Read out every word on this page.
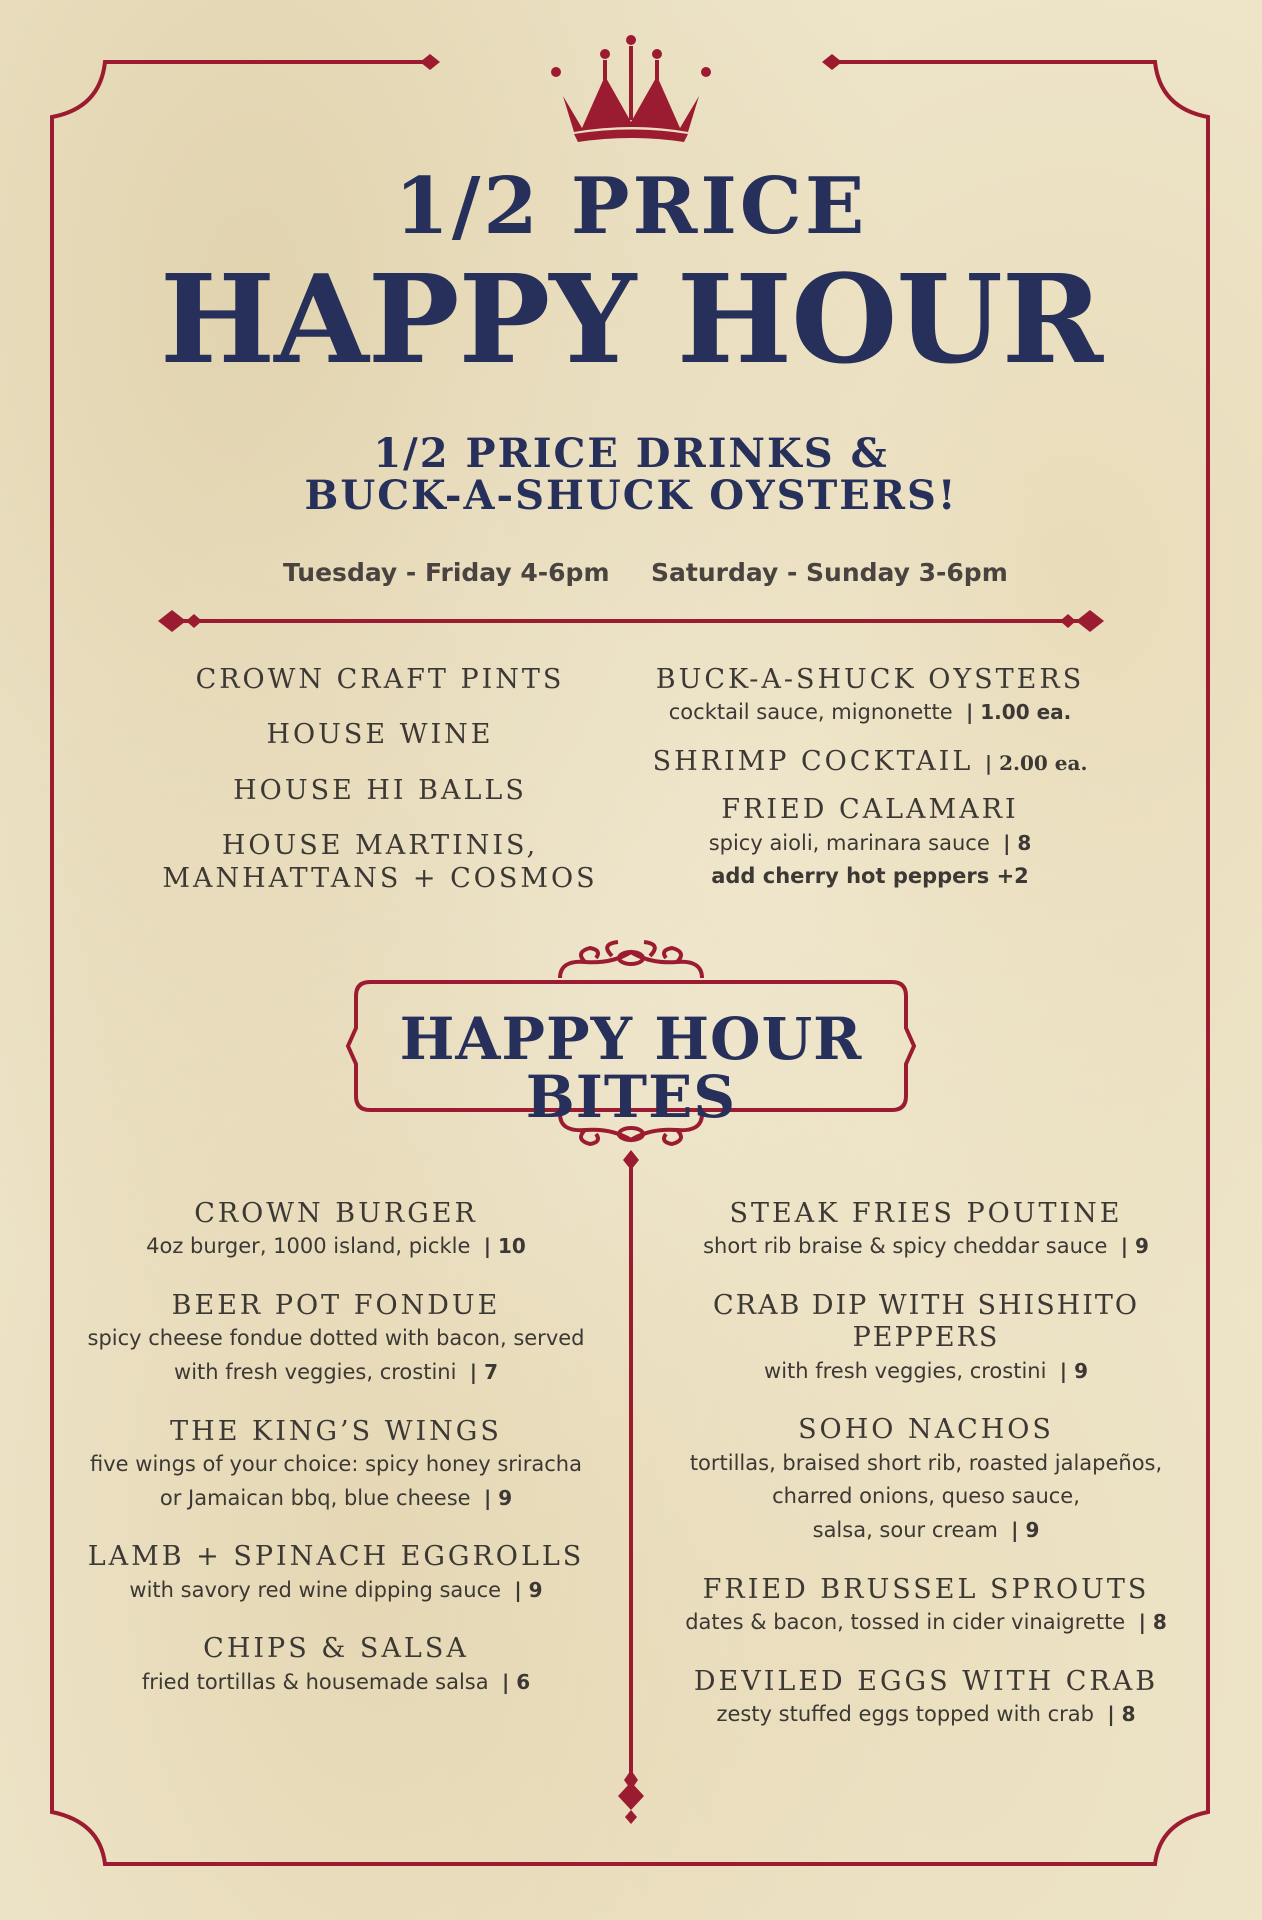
1/2 PRICE
HAPPY HOUR
1/2 PRICE DRINKS &
BUCK-A-SHUCK OYSTERS!
Tuesday - Friday 4-6pm Saturday - Sunday 3-6pm
CROWN CRAFT PINTS
HOUSE WINE
HOUSE HI BALLS
HOUSE MARTINIS,
MANHATTANS + COSMOS
BUCK-A-SHUCK OYSTERS
cocktail sauce, mignonette | 1.00 ea.
SHRIMP COCKTAIL | 2.00 ea.
FRIED CALAMARI
spicy aioli, marinara sauce | 8
add cherry hot peppers +2
HAPPY HOUR BITES
CROWN BURGER
4oz burger, 1000 island, pickle | 10
BEER POT FONDUE
spicy cheese fondue dotted with bacon, served
with fresh veggies, crostini | 7
THE KING’S WINGS
five wings of your choice: spicy honey sriracha
or Jamaican bbq, blue cheese | 9
LAMB + SPINACH EGGROLLS
with savory red wine dipping sauce | 9
CHIPS & SALSA
fried tortillas & housemade salsa | 6
STEAK FRIES POUTINE
short rib braise & spicy cheddar sauce | 9
CRAB DIP WITH SHISHITO PEPPERS
with fresh veggies, crostini | 9
SOHO NACHOS
tortillas, braised short rib, roasted jalapeños,
charred onions, queso sauce,
salsa, sour cream | 9
FRIED BRUSSEL SPROUTS
dates & bacon, tossed in cider vinaigrette | 8
DEVILED EGGS WITH CRAB
zesty stuffed eggs topped with crab | 8
